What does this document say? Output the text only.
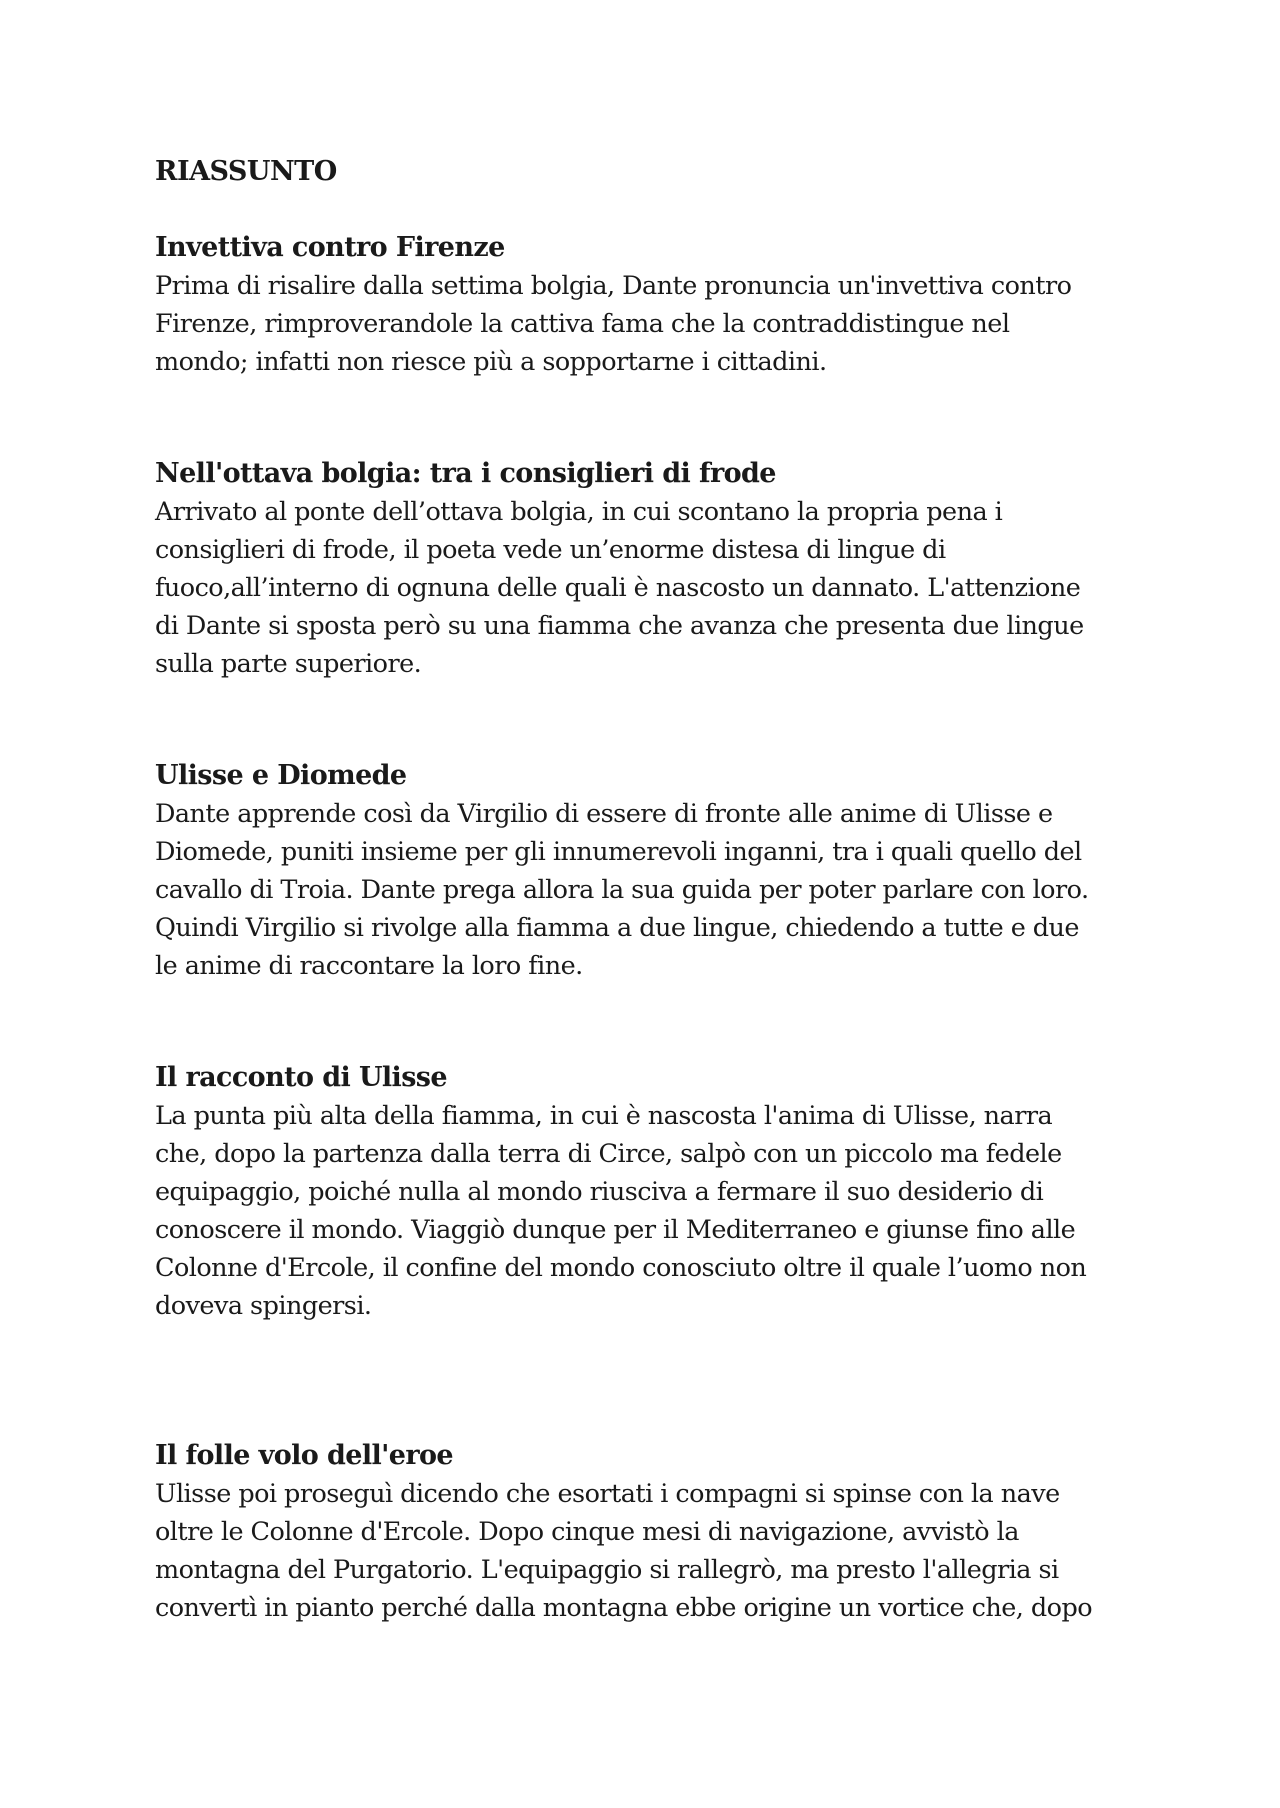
RIASSUNTO
Invettiva contro Firenze
Prima di risalire dalla settima bolgia, Dante pronuncia un'invettiva contro
Firenze, rimproverandole la cattiva fama che la contraddistingue nel
mondo; infatti non riesce più a sopportarne i cittadini.
Nell'ottava bolgia: tra i consiglieri di frode
Arrivato al ponte dell’ottava bolgia, in cui scontano la propria pena i
consiglieri di frode, il poeta vede un’enorme distesa di lingue di
fuoco,all’interno di ognuna delle quali è nascosto un dannato. L'attenzione
di Dante si sposta però su una fiamma che avanza che presenta due lingue
sulla parte superiore.
Ulisse e Diomede
Dante apprende così da Virgilio di essere di fronte alle anime di Ulisse e
Diomede, puniti insieme per gli innumerevoli inganni, tra i quali quello del
cavallo di Troia. Dante prega allora la sua guida per poter parlare con loro.
Quindi Virgilio si rivolge alla fiamma a due lingue, chiedendo a tutte e due
le anime di raccontare la loro fine.
Il racconto di Ulisse
La punta più alta della fiamma, in cui è nascosta l'anima di Ulisse, narra
che, dopo la partenza dalla terra di Circe, salpò con un piccolo ma fedele
equipaggio, poiché nulla al mondo riusciva a fermare il suo desiderio di
conoscere il mondo. Viaggiò dunque per il Mediterraneo e giunse fino alle
Colonne d'Ercole, il confine del mondo conosciuto oltre il quale l’uomo non
doveva spingersi.
Il folle volo dell'eroe
Ulisse poi proseguì dicendo che esortati i compagni si spinse con la nave
oltre le Colonne d'Ercole. Dopo cinque mesi di navigazione, avvistò la
montagna del Purgatorio. L'equipaggio si rallegrò, ma presto l'allegria si
convertì in pianto perché dalla montagna ebbe origine un vortice che, dopo
